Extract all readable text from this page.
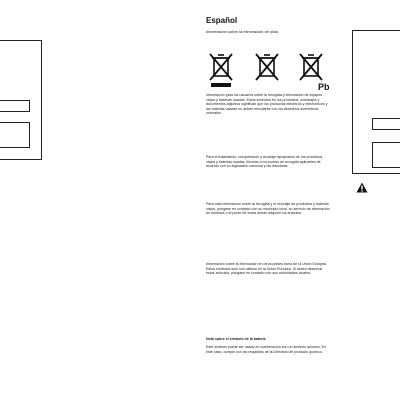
Español
Información sobre la eliminación de pilas
Pb
Información para los usuarios sobre la recogida y eliminación de equipos viejos y baterías usadas. Estos símbolos en los productos, embalajes y documentos adjuntos significan que los productos eléctricos y electrónicos y las baterías usadas no deben mezclarse con los desechos domésticos normales.
Para el tratamiento, recuperación y reciclaje apropiados de los productos viejos y baterías usadas, llévelos a los puntos de recogida aplicables de acuerdo con su legislación nacional y las directivas.
Para más información sobre la recogida y el reciclaje de productos y baterías viejos, póngase en contacto con su municipio local, su servicio de eliminación de residuos o el punto de venta donde adquirió los artículos.
Información sobre la eliminación en otros países fuera de la Unión Europea. Estos símbolos sólo son válidos en la Unión Europea. Si desea desechar estos artículos, póngase en contacto con sus autoridades locales.
Nota sobre el símbolo de la batería
Este símbolo puede ser usado en combinación con un símbolo químico. En este caso, cumple con los requisitos de la Directiva del producto químico.
